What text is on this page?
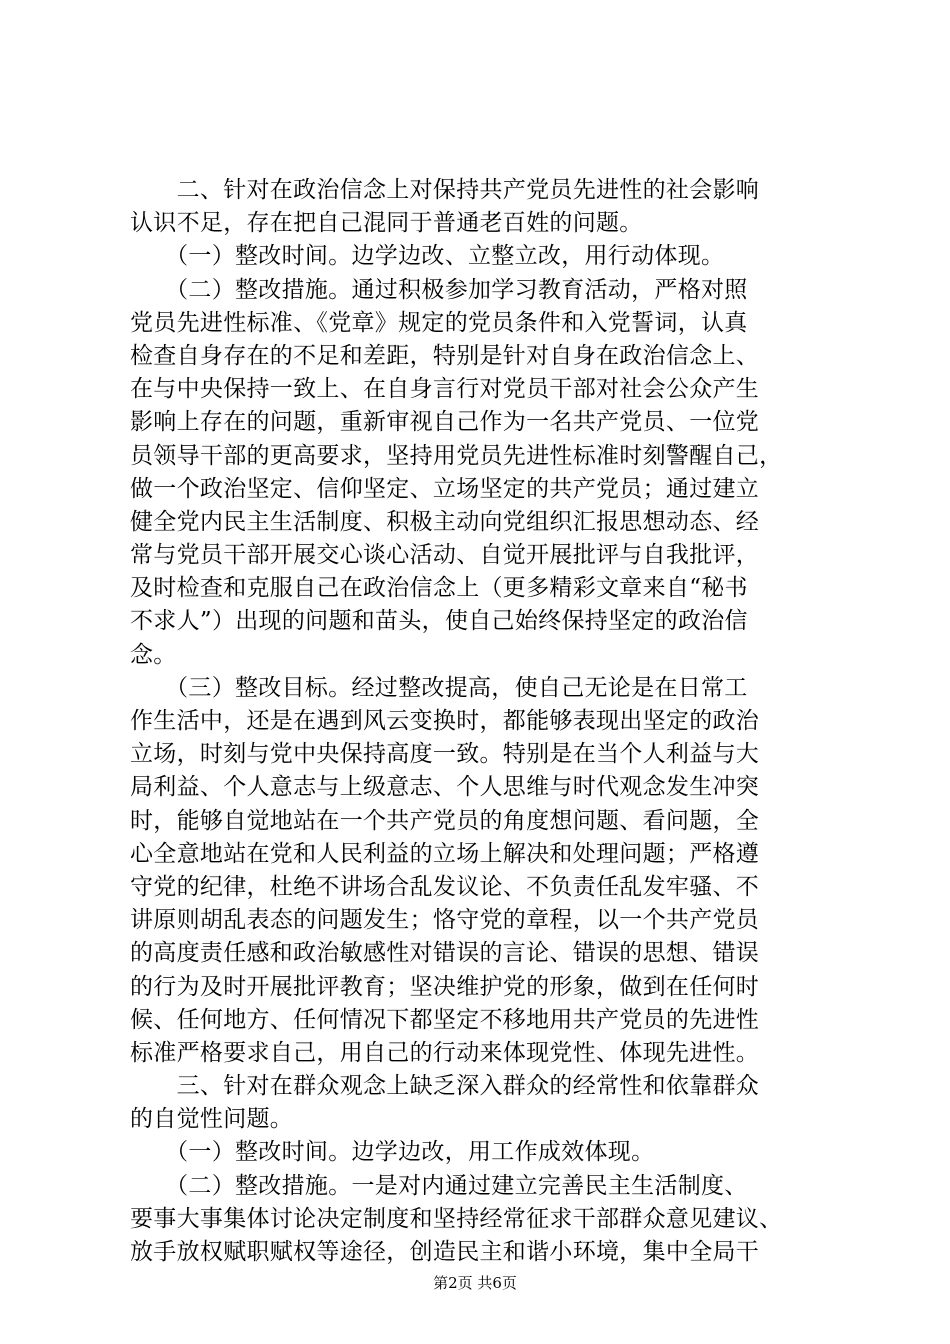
　　二、针对在政治信念上对保持共产党员先进性的社会影响
认识不足，存在把自己混同于普通老百姓的问题。
　　（一）整改时间。边学边改、立整立改，用行动体现。
　　（二）整改措施。通过积极参加学习教育活动，严格对照
党员先进性标准、《党章》规定的党员条件和入党誓词，认真
检查自身存在的不足和差距，特别是针对自身在政治信念上、
在与中央保持一致上、在自身言行对党员干部对社会公众产生
影响上存在的问题，重新审视自己作为一名共产党员、一位党
员领导干部的更高要求，坚持用党员先进性标准时刻警醒自己，
做一个政治坚定、信仰坚定、立场坚定的共产党员；通过建立
健全党内民主生活制度、积极主动向党组织汇报思想动态、经
常与党员干部开展交心谈心活动、自觉开展批评与自我批评，
及时检查和克服自己在政治信念上（更多精彩文章来自“秘书
不求人”）出现的问题和苗头，使自己始终保持坚定的政治信
念。
　　（三）整改目标。经过整改提高，使自己无论是在日常工
作生活中，还是在遇到风云变换时，都能够表现出坚定的政治
立场，时刻与党中央保持高度一致。特别是在当个人利益与大
局利益、个人意志与上级意志、个人思维与时代观念发生冲突
时，能够自觉地站在一个共产党员的角度想问题、看问题，全
心全意地站在党和人民利益的立场上解决和处理问题；严格遵
守党的纪律，杜绝不讲场合乱发议论、不负责任乱发牢骚、不
讲原则胡乱表态的问题发生；恪守党的章程，以一个共产党员
的高度责任感和政治敏感性对错误的言论、错误的思想、错误
的行为及时开展批评教育；坚决维护党的形象，做到在任何时
候、任何地方、任何情况下都坚定不移地用共产党员的先进性
标准严格要求自己，用自己的行动来体现党性、体现先进性。
　　三、针对在群众观念上缺乏深入群众的经常性和依靠群众
的自觉性问题。
　　（一）整改时间。边学边改，用工作成效体现。
　　（二）整改措施。一是对内通过建立完善民主生活制度、
要事大事集体讨论决定制度和坚持经常征求干部群众意见建议、
放手放权赋职赋权等途径，创造民主和谐小环境，集中全局干
第2页 共6页
